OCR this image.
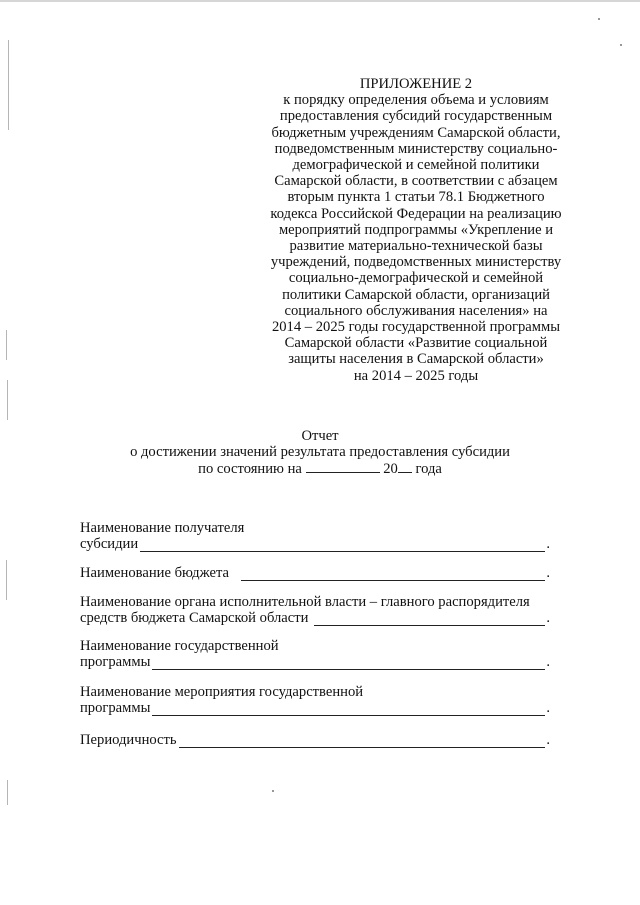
ПРИЛОЖЕНИЕ 2
к порядку определения объема и условиям
предоставления субсидий государственным
бюджетным учреждениям Самарской области,
подведомственным министерству социально-
демографической и семейной политики
Самарской области, в соответствии с абзацем
вторым пункта 1 статьи 78.1 Бюджетного
кодекса Российской Федерации на реализацию
мероприятий подпрограммы «Укрепление и
развитие материально-технической базы
учреждений, подведомственных министерству
социально-демографической и семейной
политики Самарской области, организаций
социального обслуживания населения» на
2014 – 2025 годы государственной программы
Самарской области «Развитие социальной
защиты населения в Самарской области»
на 2014 – 2025 годы
Отчет
о достижении значений результата предоставления субсидии
по состоянию на	20 года
Наименование получателя
субсидии	.
Наименование бюджета	.
Наименование органа исполнительной власти – главного распорядителя
средств бюджета Самарской области	.
Наименование государственной
программы	.
Наименование мероприятия государственной
программы	.
Периодичность	.
